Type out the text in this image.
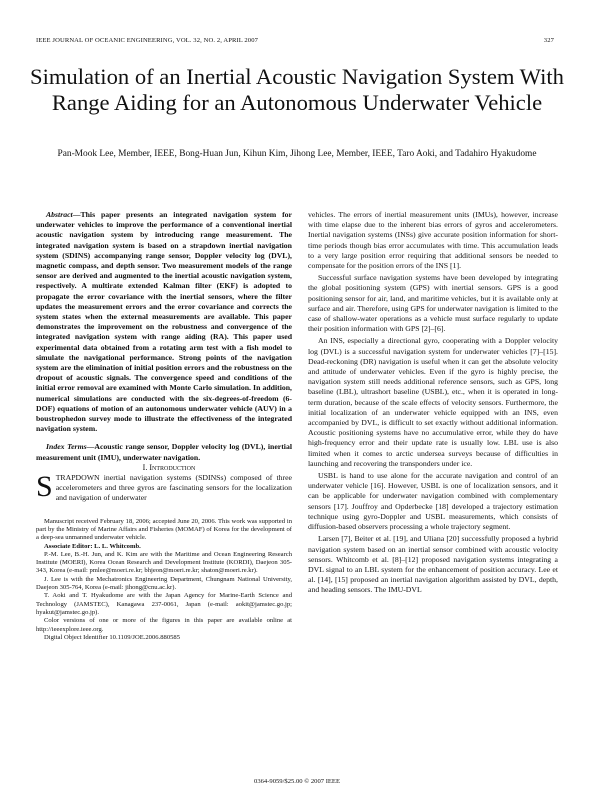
IEEE JOURNAL OF OCEANIC ENGINEERING, VOL. 32, NO. 2, APRIL 2007	327
Simulation of an Inertial Acoustic Navigation System With Range Aiding for an Autonomous Underwater Vehicle
Pan-Mook Lee, Member, IEEE, Bong-Huan Jun, Kihun Kim, Jihong Lee, Member, IEEE, Taro Aoki, and Tadahiro Hyakudome

Abstract—This paper presents an integrated navigation system for underwater vehicles to improve the performance of a conventional inertial acoustic navigation system by introducing range measurement. The integrated navigation system is based on a strapdown inertial navigation system (SDINS) accompanying range sensor, Doppler velocity log (DVL), magnetic compass, and depth sensor. Two measurement models of the range sensor are derived and augmented to the inertial acoustic navigation system, respectively. A multirate extended Kalman filter (EKF) is adopted to propagate the error covariance with the inertial sensors, where the filter updates the measurement errors and the error covariance and corrects the system states when the external measurements are available. This paper demonstrates the improvement on the robustness and convergence of the integrated navigation system with range aiding (RA). This paper used experimental data obtained from a rotating arm test with a fish model to simulate the navigational performance. Strong points of the navigation system are the elimination of initial position errors and the robustness on the dropout of acoustic signals. The convergence speed and conditions of the initial error removal are examined with Monte Carlo simulation. In addition, numerical simulations are conducted with the six-degrees-of-freedom (6-DOF) equations of motion of an autonomous underwater vehicle (AUV) in a boustrophedon survey mode to illustrate the effectiveness of the integrated navigation system.

Index Terms—Acoustic range sensor, Doppler velocity log (DVL), inertial measurement unit (IMU), underwater navigation.

I. Introduction

STRAPDOWN inertial navigation systems (SDINSs) composed of three accelerometers and three gyros are fascinating sensors for the localization and navigation of underwater

Manuscript received February 18, 2006; accepted June 20, 2006. This work was supported in part by the Ministry of Marine Affairs and Fisheries (MOMAF) of Korea for the development of a deep-sea unmanned underwater vehicle.

Associate Editor: L. L. Whitcomb.

P.-M. Lee, B.-H. Jun, and K. Kim are with the Maritime and Ocean Engineering Research Institute (MOERI), Korea Ocean Research and Development Institute (KORDI), Daejeon 305-343, Korea (e-mail: pmlee@moeri.re.kr; bhjeon@moeri.re.kr; shaton@moeri.re.kr).

J. Lee is with the Mechatronics Engineering Department, Chungnam National University, Daejeon 305-764, Korea (e-mail: jihong@cnu.ac.kr).

T. Aoki and T. Hyakudome are with the Japan Agency for Marine-Earth Science and Technology (JAMSTEC), Kanagawa 237-0061, Japan (e-mail: aokit@jamstec.go.jp; hyakut@jamstec.go.jp).

Color versions of one or more of the figures in this paper are available online at http://ieeexplore.ieee.org.

Digital Object Identifier 10.1109/JOE.2006.880585

vehicles. The errors of inertial measurement units (IMUs), however, increase with time elapse due to the inherent bias errors of gyros and accelerometers. Inertial navigation systems (INSs) give accurate position information for short-time periods though bias error accumulates with time. This accumulation leads to a very large position error requiring that additional sensors be needed to compensate for the position errors of the INS [1].

Successful surface navigation systems have been developed by integrating the global positioning system (GPS) with inertial sensors. GPS is a good positioning sensor for air, land, and maritime vehicles, but it is available only at surface and air. Therefore, using GPS for underwater navigation is limited to the case of shallow-water operations as a vehicle must surface regularly to update their position information with GPS [2]–[6].

An INS, especially a directional gyro, cooperating with a Doppler velocity log (DVL) is a successful navigation system for underwater vehicles [7]–[15]. Dead-reckoning (DR) navigation is useful when it can get the absolute velocity and attitude of underwater vehicles. Even if the gyro is highly precise, the navigation system still needs additional reference sensors, such as GPS, long baseline (LBL), ultrashort baseline (USBL), etc., when it is operated in long-term duration, because of the scale effects of velocity sensors. Furthermore, the initial localization of an underwater vehicle equipped with an INS, even accompanied by DVL, is difficult to set exactly without additional information. Acoustic positioning systems have no accumulative error, while they do have high-frequency error and their update rate is usually low. LBL use is also limited when it comes to arctic undersea surveys because of difficulties in launching and recovering the transponders under ice.

USBL is hand to use alone for the accurate navigation and control of an underwater vehicle [16]. However, USBL is one of localization sensors, and it can be applicable for underwater navigation combined with complementary sensors [17]. Jouffroy and Opderbecke [18] developed a trajectory estimation technique using gyro-Doppler and USBL measurements, which consists of diffusion-based observers processing a whole trajectory segment.

Larsen [7], Beiter et al. [19], and Uliana [20] successfully proposed a hybrid navigation system based on an inertial sensor combined with acoustic velocity sensors. Whitcomb et al. [8]–[12] proposed navigation systems integrating a DVL signal to an LBL system for the enhancement of position accuracy. Lee et al. [14], [15] proposed an inertial navigation algorithm assisted by DVL, depth, and heading sensors. The IMU-DVL

0364-9059/$25.00 © 2007 IEEE
